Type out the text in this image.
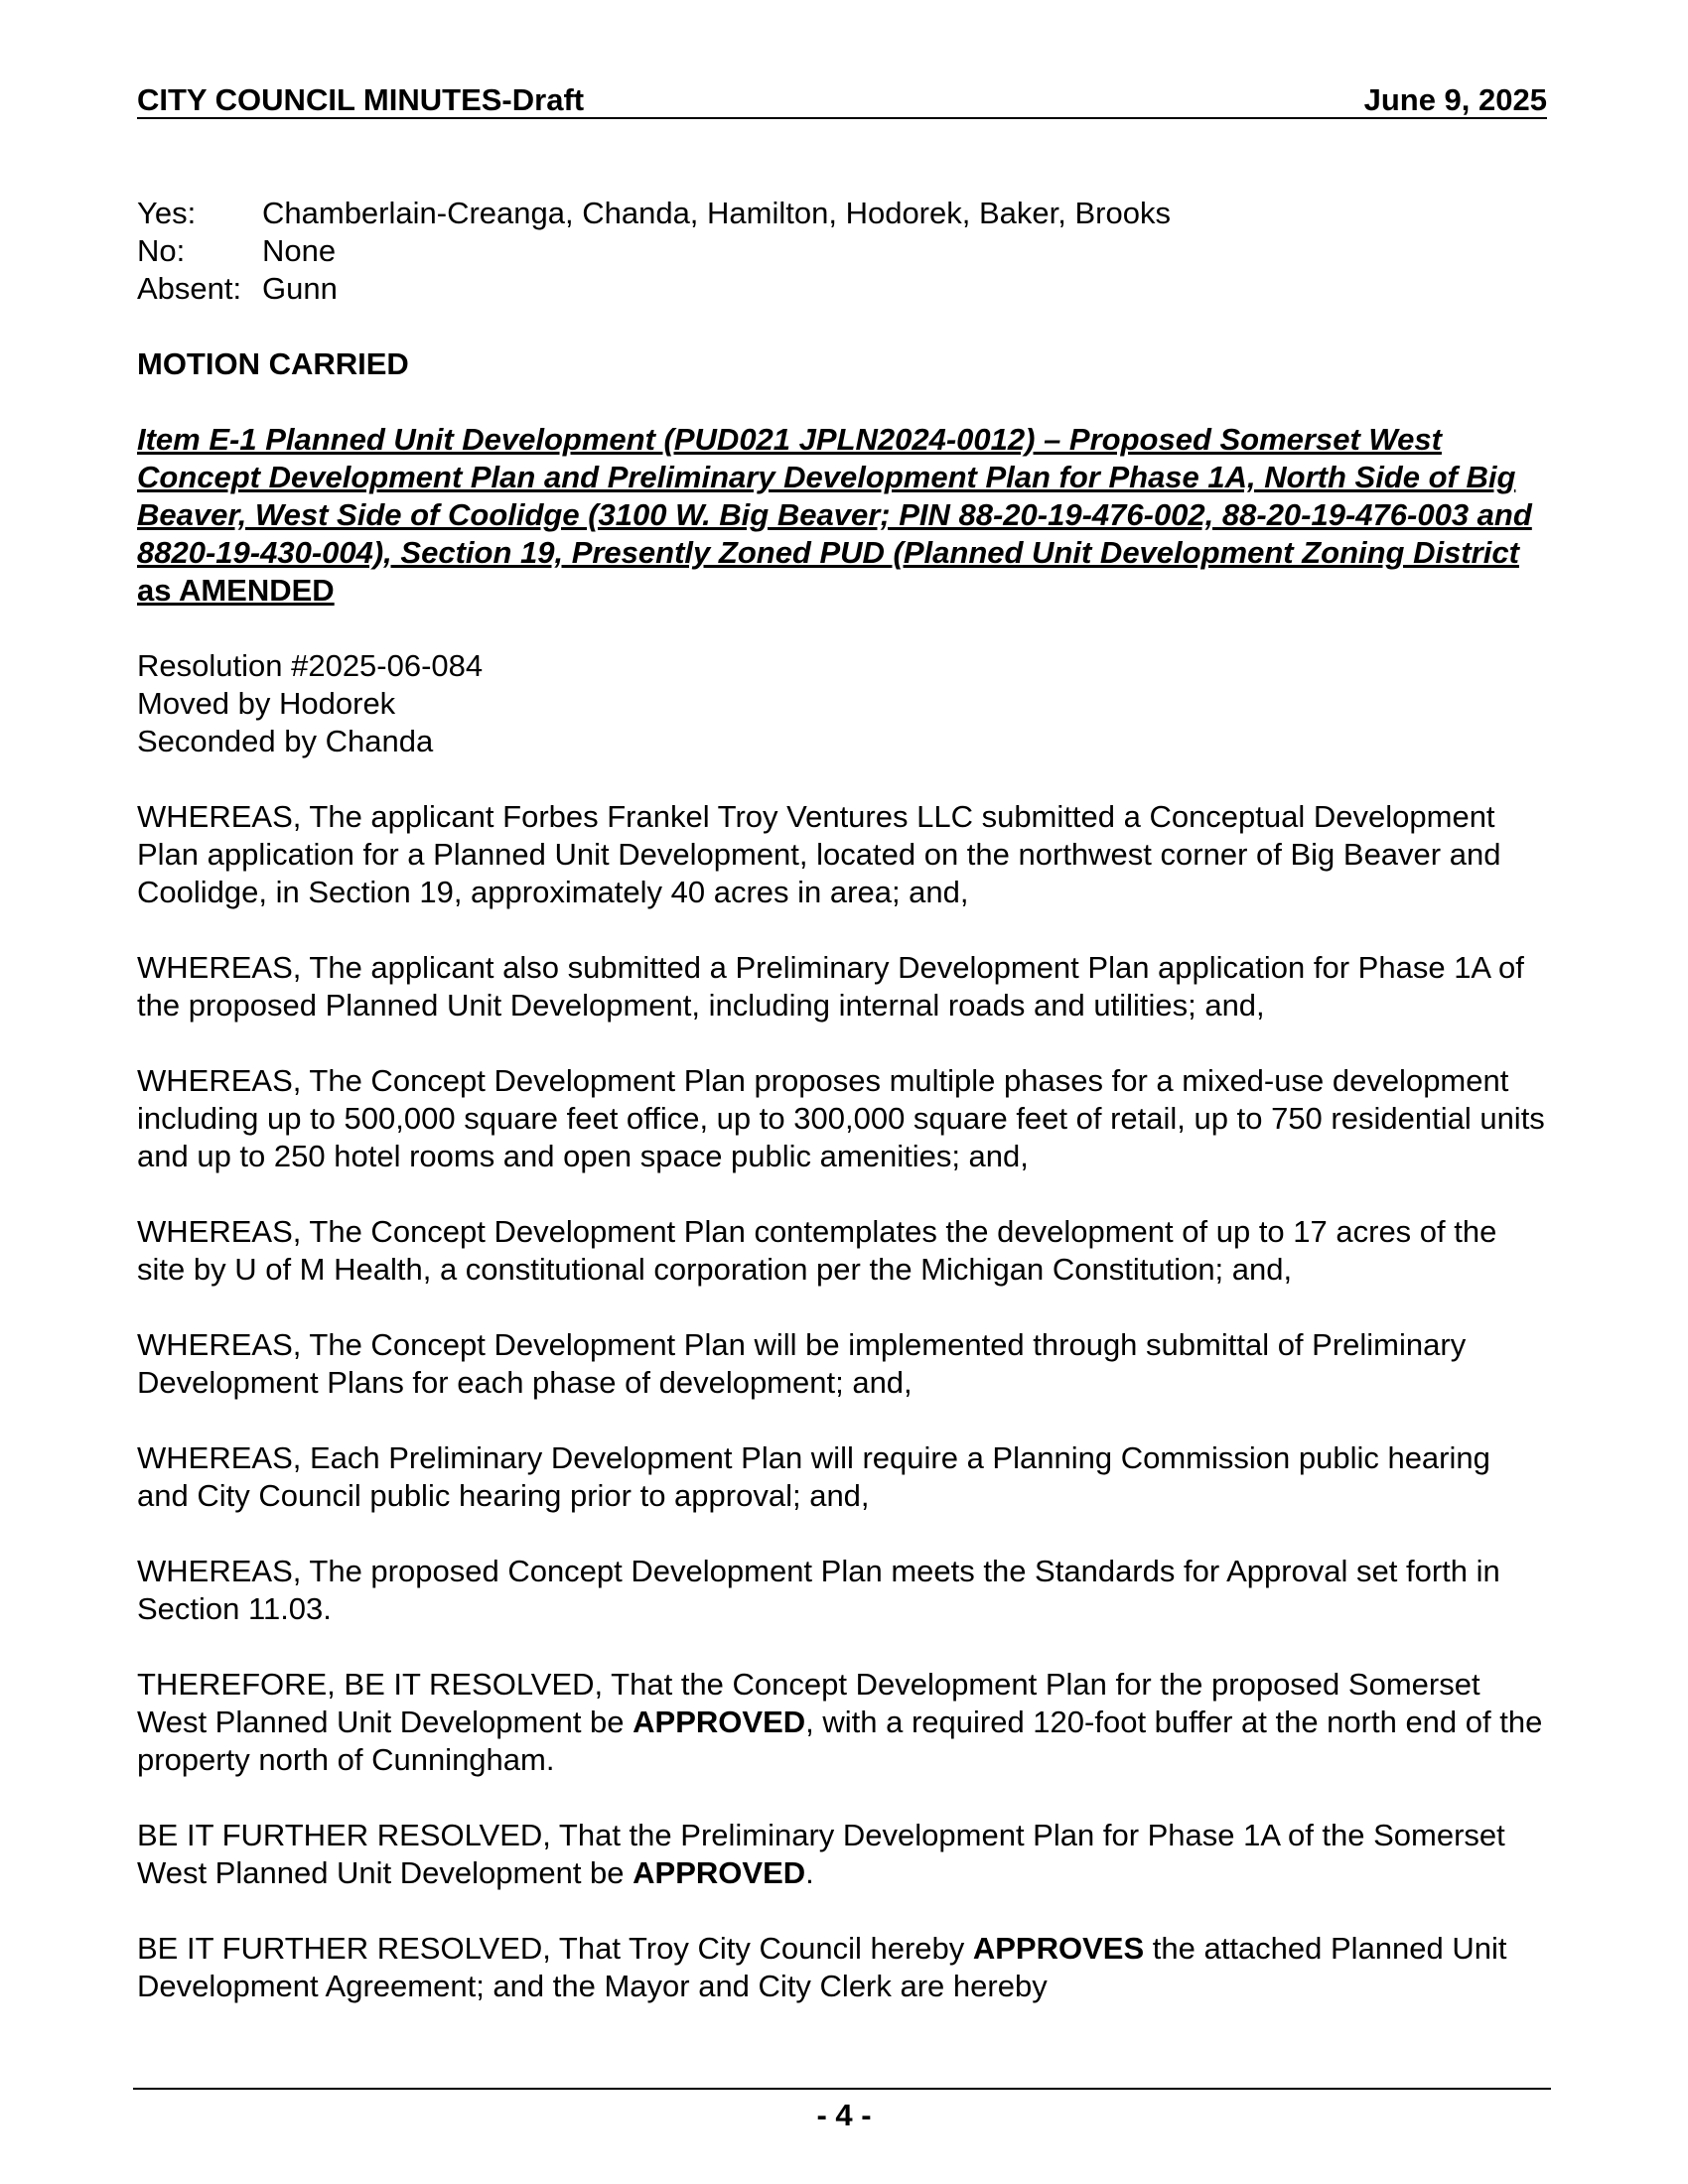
CITY COUNCIL MINUTES-Draft	June 9, 2025
Yes: Chamberlain-Creanga, Chanda, Hamilton, Hodorek, Baker, Brooks
No:	None
Absent: Gunn

MOTION CARRIED

Item E-1 Planned Unit Development (PUD021 JPLN2024-0012) – Proposed Somerset West Concept Development Plan and Preliminary Development Plan for Phase 1A, North Side of Big Beaver, West Side of Coolidge (3100 W. Big Beaver; PIN 88-20-19-476-002, 88-20-19-476-003 and 8820-19-430-004), Section 19, Presently Zoned PUD (Planned Unit Development Zoning District as AMENDED

Resolution #2025-06-084

Moved by Hodorek

Seconded by Chanda

WHEREAS, The applicant Forbes Frankel Troy Ventures LLC submitted a Conceptual Development Plan application for a Planned Unit Development, located on the northwest corner of Big Beaver and Coolidge, in Section 19, approximately 40 acres in area; and,

WHEREAS, The applicant also submitted a Preliminary Development Plan application for Phase 1A of the proposed Planned Unit Development, including internal roads and utilities; and,

WHEREAS, The Concept Development Plan proposes multiple phases for a mixed-use development including up to 500,000 square feet office, up to 300,000 square feet of retail, up to 750 residential units and up to 250 hotel rooms and open space public amenities; and,

WHEREAS, The Concept Development Plan contemplates the development of up to 17 acres of the site by U of M Health, a constitutional corporation per the Michigan Constitution; and,

WHEREAS, The Concept Development Plan will be implemented through submittal of Preliminary Development Plans for each phase of development; and,

WHEREAS, Each Preliminary Development Plan will require a Planning Commission public hearing and City Council public hearing prior to approval; and,

WHEREAS, The proposed Concept Development Plan meets the Standards for Approval set forth in Section 11.03.

THEREFORE, BE IT RESOLVED, That the Concept Development Plan for the proposed Somerset West Planned Unit Development be APPROVED, with a required 120-foot buffer at the north end of the property north of Cunningham.

BE IT FURTHER RESOLVED, That the Preliminary Development Plan for Phase 1A of the Somerset West Planned Unit Development be APPROVED.

BE IT FURTHER RESOLVED, That Troy City Council hereby APPROVES the attached Planned Unit Development Agreement; and the Mayor and City Clerk are hereby

- 4 -
